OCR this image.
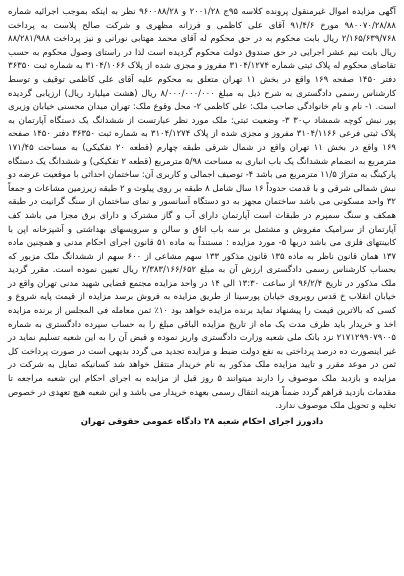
آگهی مزایده اموال غیرمنقول پرونده کلاسه ۹۵ج ۲۰۰۱/۲۸ و ۹۶۰۰۸۸/۲۸ نظر به اینکه بموجب اجرائیه شماره ۹۸۰۰۷۰/۲۸/۸۸ مورخ ۹۱/۴/۶ آقای علی کاظمی و فرزانه مظهری و شرکت صالح پلاست به پرداخت ۲/۱۶۵/۶۳۹/۷۶۸ ریال بابت محکوم به در حق محکوم له آقای محمد مهتابی نورانی و نیز پرداخت ۸۸/۲۸۱/۹۸۸ ریال بابت نیم عشر اجرایی در حق صندوق دولت محکوم گردیده است لذا در راستای وصول محکوم به حسب تقاضای محکوم له پلاک ثبتی شماره ۳۱۰۴/۱۲۷۴ مفروز و مجزی شده از پلاک ۳۱۰۴/۱۰۶۶ به شماره ثبت ۳۶۳۵۰ دفتر ۱۴۵۰ صفحه ۱۶۹ واقع در بخش ۱۱ تهران متعلق به محکوم علیه آقای علی کاظمی توقیف و توسط کارشناس رسمی دادگستری به شرح ذیل به مبلغ ۸/۰۰۰/۰۰۰/۰۰۰ ریال (هشت میلیارد ریال) ارزیابی گردیده است. ۱- نام و نام خانوادگی صاحب ملک: علی کاظمی ۲- محل وقوع ملک: تهران میدان محسنی خیابان وزیری پور نبش کوچه شمشاد پ۳۰ ۳- وضعیت ثبتی: ملک مورد نظر عبارتست از ششدانگ یک دستگاه آپارتمان به پلاک ثبتی فرعی ۳۱۰۴/۱۱۶۶ مفروز و مجزی شده از پلاک ۳۱۰۴/۱۲۷۴ به شماره ثبت ۳۶۳۵۰ دفتر ۱۴۵۰ صفحه ۱۶۹ واقع در بخش ۱۱ تهران واقع در شمال شرقی طبقه چهارم (قطعه ۲۰ تفکیکی) به مساحت ۱۷۱/۴۵ مترمربع به انضمام ششدانگ یک باب انباری به مساحت ۵/۹۸ مترمربع (قطعه ۲ تفکیکی) و ششدانگ یک دستگاه پارکینگ به متراژ ۱۱/۵ مترمربع می باشد ۴- توصیف اجمالی و کاربری آن: ساختمان احداثی با موقعیت عرضه دو نبش شمالی شرقی و با قدمت حدوداً ۱۶ سال شامل ۸ طبقه بر روی پیلوت و ۲ طبقه زیرزمین مشاعات و جمعاً ۳۲ واحد مسکونی می باشد ساختمان مجهز به دو دستگاه آسانسور و نمای ساختمان از سنگ گرانیت در طبقه همکف و سنگ سمپرم در طبقات است آپارتمان دارای آب و گاز مشترک و دارای برق مجزا می باشد کف آپارتمان از سرامیک مفروش و مشتمل بر سه باب اتاق و سالن و سرویسهای بهداشتی و آشپزخانه اپن با کابینتهای فلزی می باشد دربها ۵- مورد مزایده : مستنداً به ماده ۵۱ قانون اجرای احکام مدنی و همچنین ماده ۱۳۷ همان قانون ناظر به ماده ۱۳۵ قانون مذکور ۱۳۳ سهم مشاعی از ۶۰۰ سهم از ششدانگ ملک مزبور که بحساب کارشناس رسمی دادگستری ارزش آن به مبلغ ۲/۳۸۳/۱۶۶/۶۵۲ ریال تعیین نموده است. مقرر گردید ملک مذکور در تاریخ ۹۶/۲/۴ از ساعت ۱۳:۳۰ الی ۱۴ در واحد مزایده مجتمع قضایی شهید مدنی تهران واقع در خیابان انقلاب خ قدس روبروی خیابان پورسینا از طریق مزایده به فروش برسد مزایده از قیمت پایه شروع و کسی که بالاترین قیمت را پیشنهاد نماید برنده مزایده خواهد بود ۱۰٪ ثمن معامله فی المجلس از برنده مزایده اخذ و خریدار باید ظرف مدت یک ماه از تاریخ مزایده الباقی مبلغ را به حساب سپرده دادگستری به شماره ۲۱۷۱۲۹۹۰۷۹۰۰۵ نزد بانک ملی شعبه وزارت دادگستری واریز نموده و قبض آن را به این شعبه تسلیم نماید در غیر اینصورت ده درصد پرداختی به نفع دولت ضبط و مزایده تجدید می گردد بدیهی است در صورت پرداخت کل ثمن در موعد مقرر و تایید مزایده ملک مذکور به نام خریدار منتقل خواهد شد کسانیکه تمایل به شرکت در مزایده و بازدید ملک موصوف را دارند میتوانند ۵ روز قبل از مزایده به اجرای احکام این شعبه مراجعه تا مقدمات بازدید فراهم گردد ضمناً هزینه انتقال رسمی بعهده خریدار می باشد و این شعبه هیچ تعهدی در خصوص تخلیه و تحویل ملک موصوف ندارد.

دادورز اجرای احکام شعبه ۲۸ دادگاه عمومی حقوقی تهران
